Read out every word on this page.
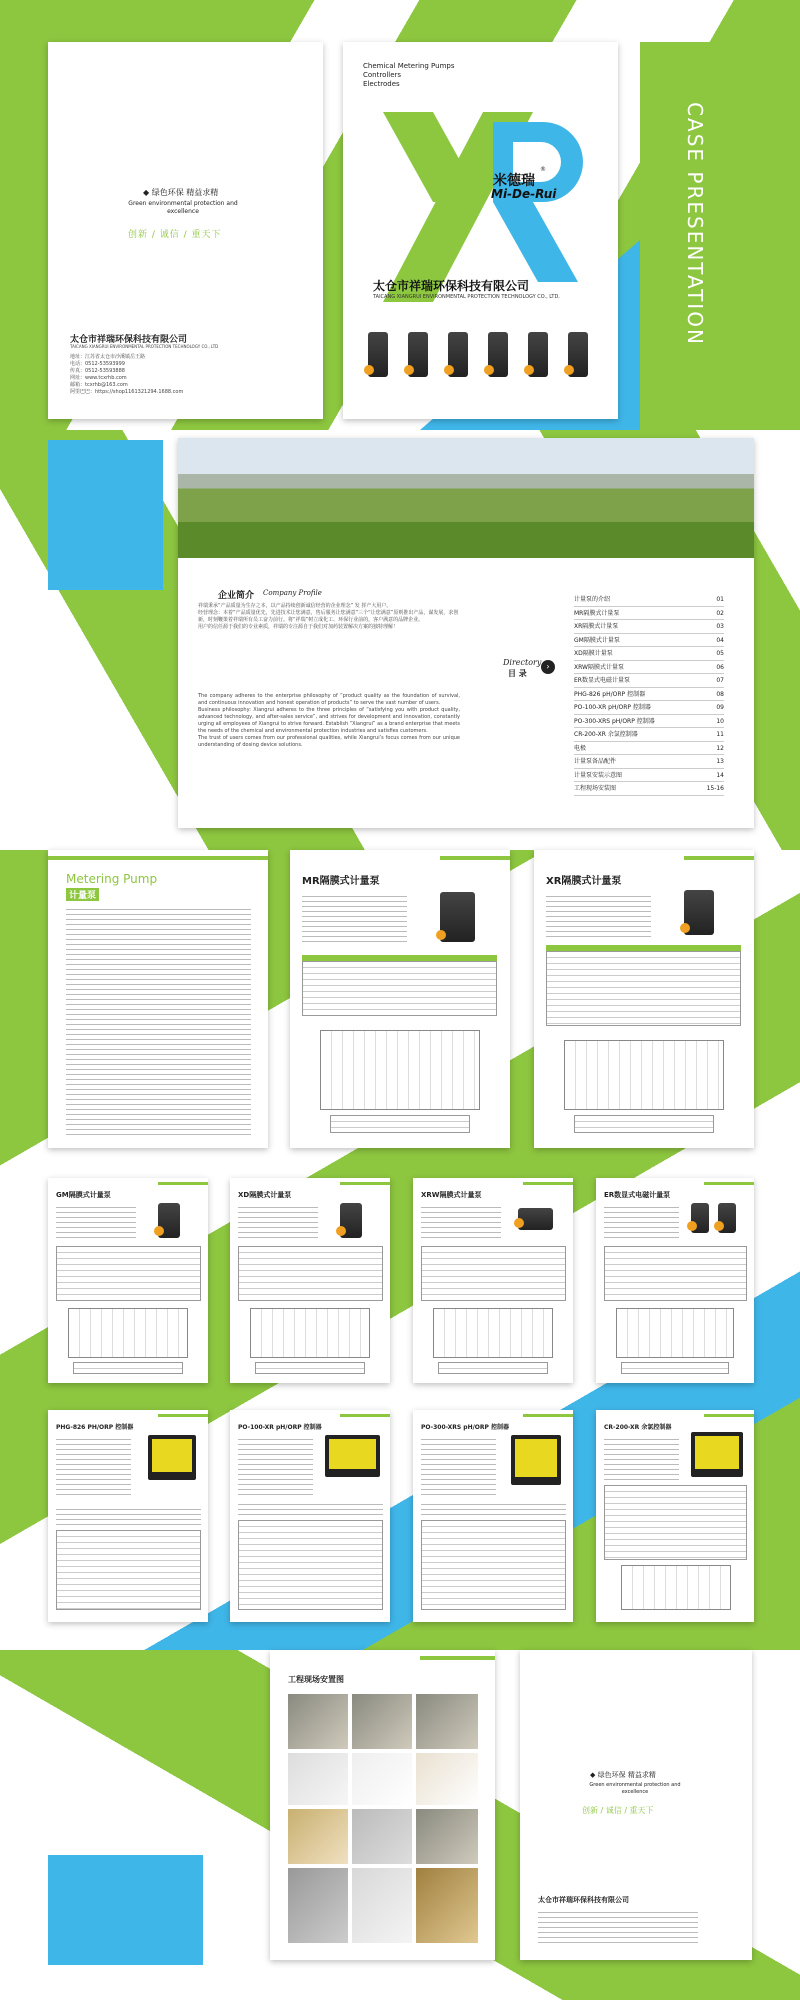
◆ 绿色环保 精益求精
Green environmental protection and excellence
创新 / 诚信 / 重天下
太仓市祥瑞环保科技有限公司
TAICANG XIANGRUI ENVIRONMENTAL PROTECTION TECHNOLOGY CO., LTD
地址：江苏省太仓市沙溪镇岳王路
电话：0512-53593999
传真：0512-53593888
网址：www.tcxrhb.com
邮箱：tcxrhb@163.com
阿里巴巴：https://shop1161321294.1688.com
Chemical Metering Pumps
Controllers
Electrodes
米德瑞
®
Mi-De-Rui
太仓市祥瑞环保科技有限公司
TAICANG XIANGRUI ENVIRONMENTAL PROTECTION TECHNOLOGY CO., LTD.	CASE PRESENTATION
企业简介 Company Profile
祥瑞秉承“产品质量为生存之本，以产品持续创新诚信经营的企业理念” 发 挥产大用户。
经营理念：本着“产品质量优先，先进技术让您满意，售后服务让您满意”三个“让您满意”原则推出产品，谋发展，求创新，时刻鞭策着祥瑞所有员工奋力前行。将“祥瑞”树立成化工、环保行业前的，客户满意的品牌企业。
用户的信任源于我们的专业素质，祥瑞的专注源自于我们对加药装置解决方案的独特理解！
The company adheres to the enterprise philosophy of “product quality as the foundation of survival, and continuous innovation and honest operation of products” to serve the vast number of users.
Business philosophy: Xiangrui adheres to the three principles of “satisfying you with product quality, advanced technology, and after-sales service”, and strives for development and innovation, constantly urging all employees of Xiangrui to strive forward. Establish “Xiangrui” as a brand enterprise that meets the needs of the chemical and environmental protection industries and satisfies customers.
The trust of users comes from our professional qualities, while Xiangrui’s focus comes from our unique understanding of dosing device solutions.
Directory
目 录
›
计量泵的介绍	01
MR隔膜式计量泵	02
XR隔膜式计量泵	03
GM隔膜式计量泵	04
XD隔膜计量泵	05
XRW隔膜式计量泵	06
ER数显式电磁计量泵	07
PHG-826 pH/ORP 控制器	08
PO-100-XR pH/ORP 控制器	09
PO-300-XRS pH/ORP 控制器	10
CR-200-XR 余氯控制器	11
电极	12
计量泵备品配件	13
计量泵安装示意图	14
工程现场安装图	15-16
Metering Pump
计量泵
MR隔膜式计量泵	XR隔膜式计量泵
GM隔膜式计量泵	XD隔膜式计量泵	XRW隔膜式计量泵	ER数显式电磁计量泵
PHG-826 PH/ORP 控制器	PO-100-XR pH/ORP 控制器	PO-300-XRS pH/ORP 控制器	CR-200-XR 余氯控制器
工程现场安置图
◆ 绿色环保 精益求精
Green environmental protection and excellence
创新 / 诚信 / 重天下
太仓市祥瑞环保科技有限公司
